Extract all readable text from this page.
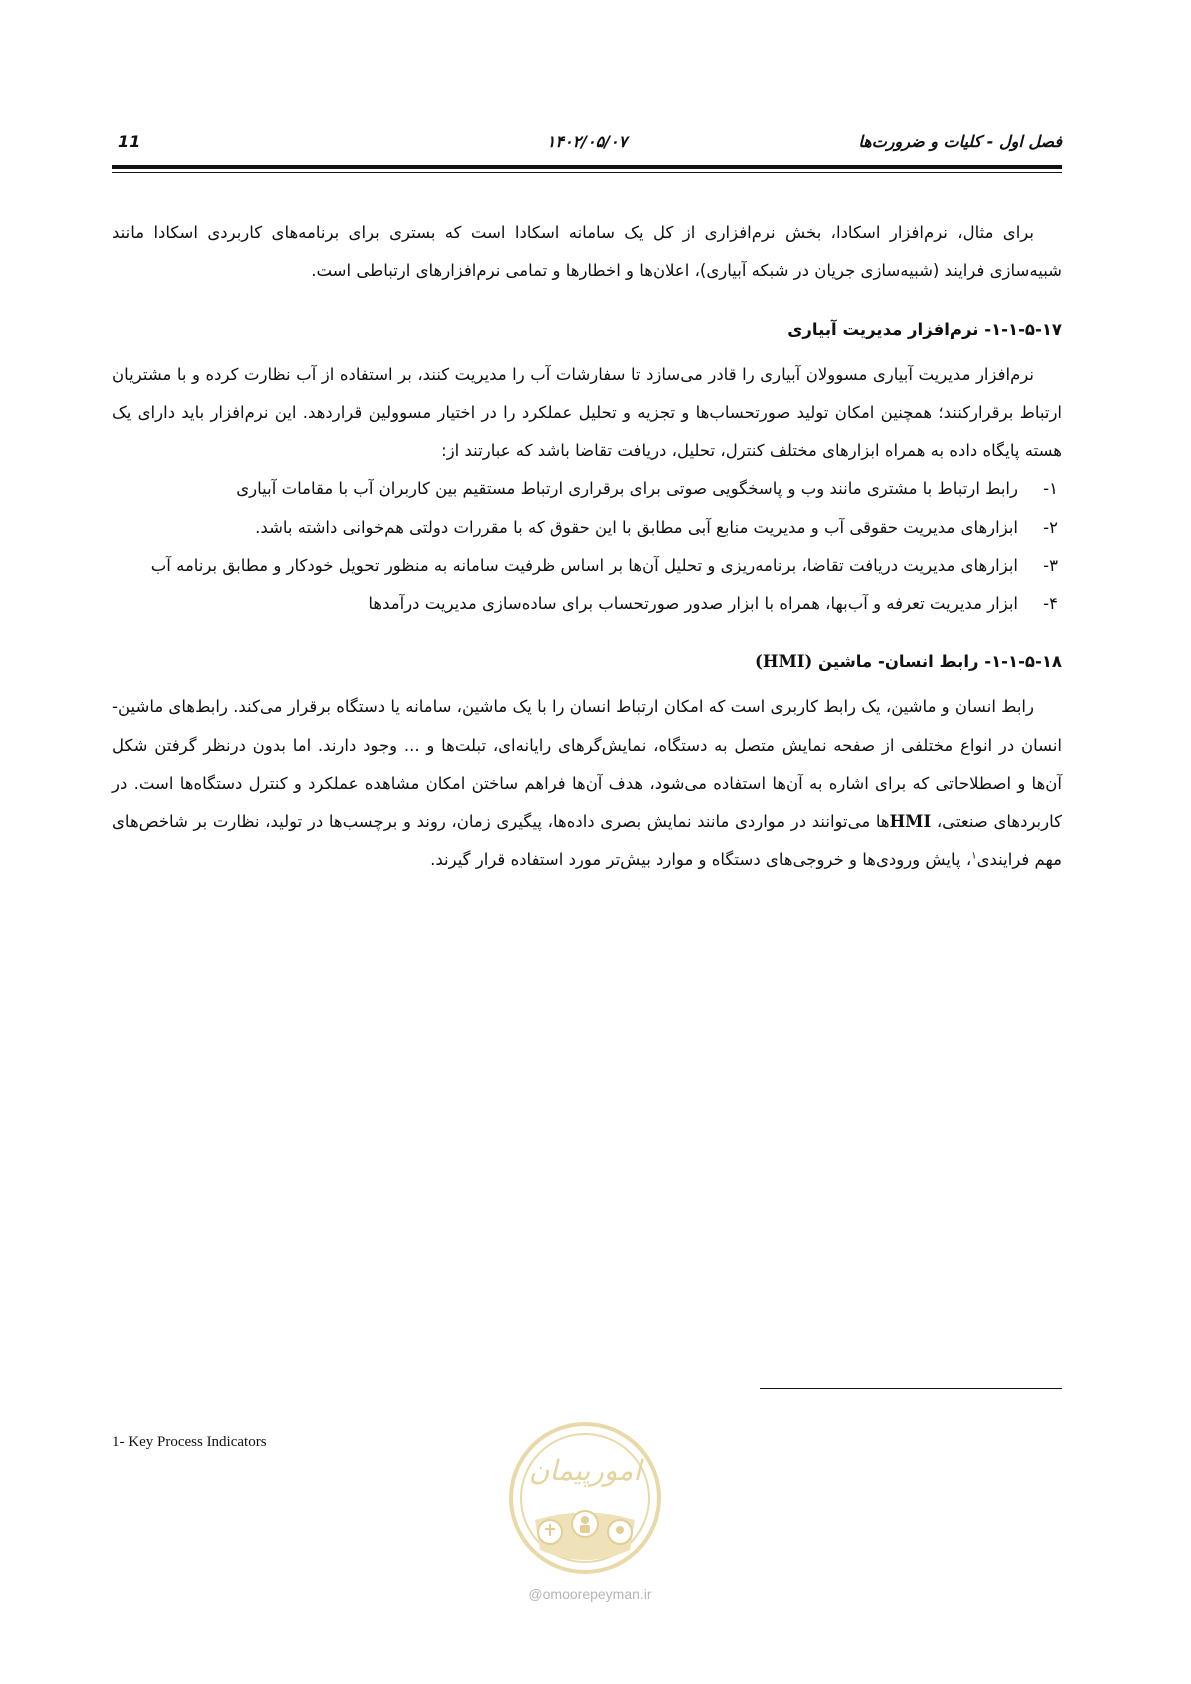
فصل اول - کلیات و ضرورت‌ها
۱۴۰۲/۰۵/۰۷
11

برای مثال، نرم‌افزار اسکادا، بخش نرم‌افزاری از کل یک سامانه اسکادا است که بستری برای برنامه‌های کاربردی اسکادا مانند شبیه‌سازی فرایند (شبیه‌سازی جریان در شبکه آبیاری)، اعلان‌ها و اخطارها و تمامی نرم‌افزارهای ارتباطی است.

۱-۱-۵-۱۷- نرم‌افزار مدیریت آبیاری

نرم‌افزار مدیریت آبیاری مسوولان آبیاری را قادر می‌سازد تا سفارشات آب را مدیریت کنند، بر استفاده از آب نظارت کرده و با مشتریان ارتباط برقرارکنند؛ همچنین امکان تولید صورتحساب‌ها و تجزیه و تحلیل عملکرد را در اختیار مسوولین قراردهد. این نرم‌افزار باید دارای یک هسته پایگاه داده به همراه ابزارهای مختلف کنترل، تحلیل، دریافت تقاضا باشد که عبارتند از:

۱-
رابط ارتباط با مشتری مانند وب و پاسخگویی صوتی برای برقراری ارتباط مستقیم بین کاربران آب با مقامات آبیاری
۲-
ابزارهای مدیریت حقوقی آب و مدیریت منابع آبی مطابق با این حقوق که با مقررات دولتی هم‌خوانی داشته باشد.
۳-
ابزارهای مدیریت دریافت تقاضا، برنامه‌ریزی و تحلیل آن‌ها بر اساس ظرفیت سامانه به منظور تحویل خودکار و مطابق برنامه آب
۴-
ابزار مدیریت تعرفه و آب‌بها، همراه با ابزار صدور صورتحساب برای ساده‌سازی مدیریت درآمدها
۱-۱-۵-۱۸- رابط انسان- ماشین (HMI)

رابط انسان و ماشین، یک رابط کاربری است که امکان ارتباط انسان را با یک ماشین، سامانه یا دستگاه برقرار می‌کند. رابط‌های ماشین- انسان در انواع مختلفی از صفحه نمایش متصل به دستگاه، نمایش‌گرهای رایانه‌ای، تبلت‌ها و ... وجود دارند. اما بدون درنظر گرفتن شکل آن‌ها و اصطلاحاتی که برای اشاره به آن‌ها استفاده می‌شود، هدف آن‌ها فراهم ساختن امکان مشاهده عملکرد و کنترل دستگاه‌ها است. در کاربردهای صنعتی، HMIها می‌توانند در مواردی مانند نمایش بصری داده‌ها، پیگیری زمان، روند و برچسب‌ها در تولید، نظارت بر شاخص‌های مهم فرایندی$^۱$، پایش ورودی‌ها و خروجی‌های دستگاه و موارد بیش‌تر مورد استفاده قرار گیرند.

1- Key Process Indicators
امورپیمان
@omoorepeyman.ir
